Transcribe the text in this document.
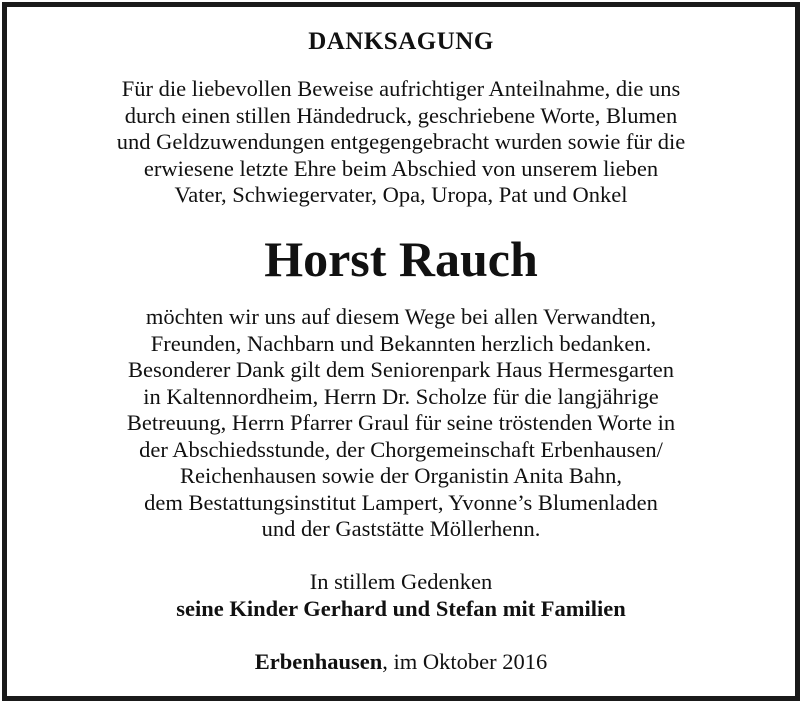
DANKSAGUNG
Für die liebevollen Beweise aufrichtiger Anteilnahme, die uns
durch einen stillen Händedruck, geschriebene Worte, Blumen
und Geldzuwendungen entgegengebracht wurden sowie für die
erwiesene letzte Ehre beim Abschied von unserem lieben
Vater, Schwiegervater, Opa, Uropa, Pat und Onkel
Horst Rauch
möchten wir uns auf diesem Wege bei allen Verwandten,
Freunden, Nachbarn und Bekannten herzlich bedanken.
Besonderer Dank gilt dem Seniorenpark Haus Hermesgarten
in Kaltennordheim, Herrn Dr. Scholze für die langjährige
Betreuung, Herrn Pfarrer Graul für seine tröstenden Worte in
der Abschiedsstunde, der Chorgemeinschaft Erbenhausen/
Reichenhausen sowie der Organistin Anita Bahn,
dem Bestattungsinstitut Lampert, Yvonne’s Blumenladen
und der Gaststätte Möllerhenn.
In stillem Gedenken
seine Kinder Gerhard und Stefan mit Familien
Erbenhausen, im Oktober 2016
